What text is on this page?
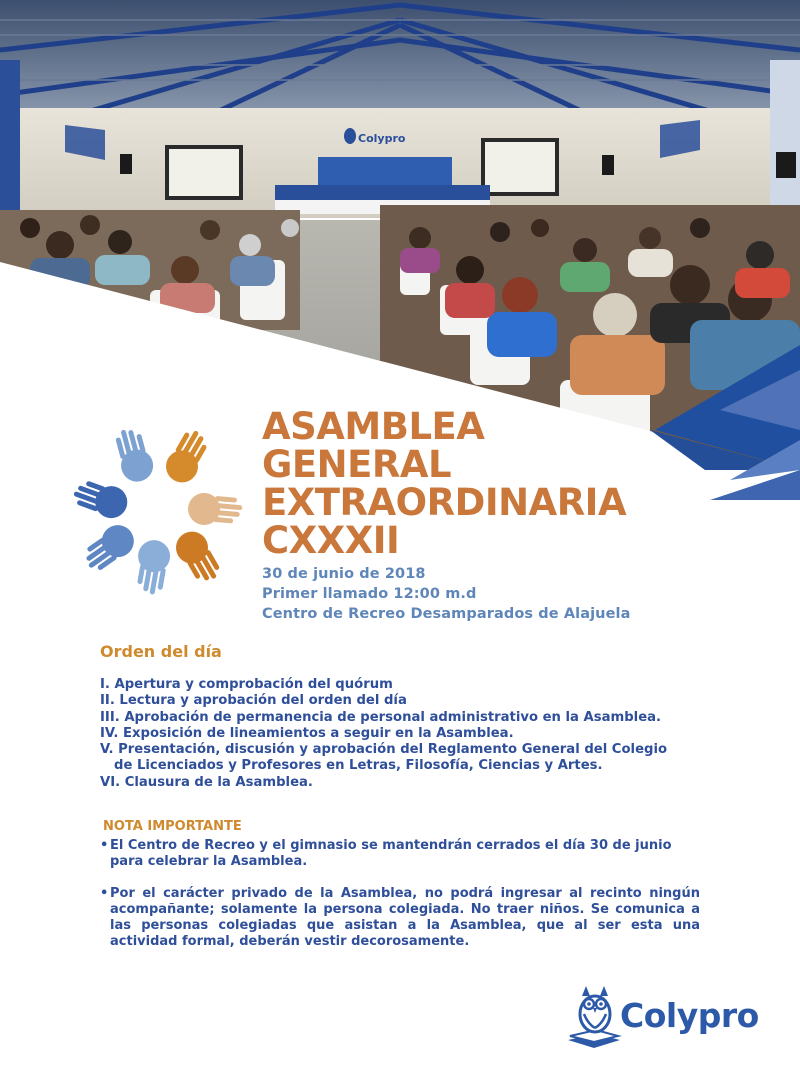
Colypro
ASAMBLEA
GENERAL
EXTRAORDINARIA
CXXXII
30 de junio de 2018
Primer llamado 12:00 m.d
Centro de Recreo Desamparados de Alajuela
Orden del día
I. Apertura y comprobación del quórum
II. Lectura y aprobación del orden del día
III. Aprobación de permanencia de personal administrativo en la Asamblea.
IV. Exposición de lineamientos a seguir en la Asamblea.
V. Presentación, discusión y aprobación del Reglamento General del Colegio
de Licenciados y Profesores en Letras, Filosofía, Ciencias y Artes.
VI. Clausura de la Asamblea.
NOTA IMPORTANTE
• El Centro de Recreo y el gimnasio se mantendrán cerrados el día 30 de junio para celebrar la Asamblea.
• Por el carácter privado de la Asamblea, no podrá ingresar al recinto ningún acompañante; solamente la persona colegiada. No traer niños. Se comunica a las personas colegiadas que asistan a la Asamblea, que al ser esta una actividad formal, deberán vestir decorosamente.
Colypro
